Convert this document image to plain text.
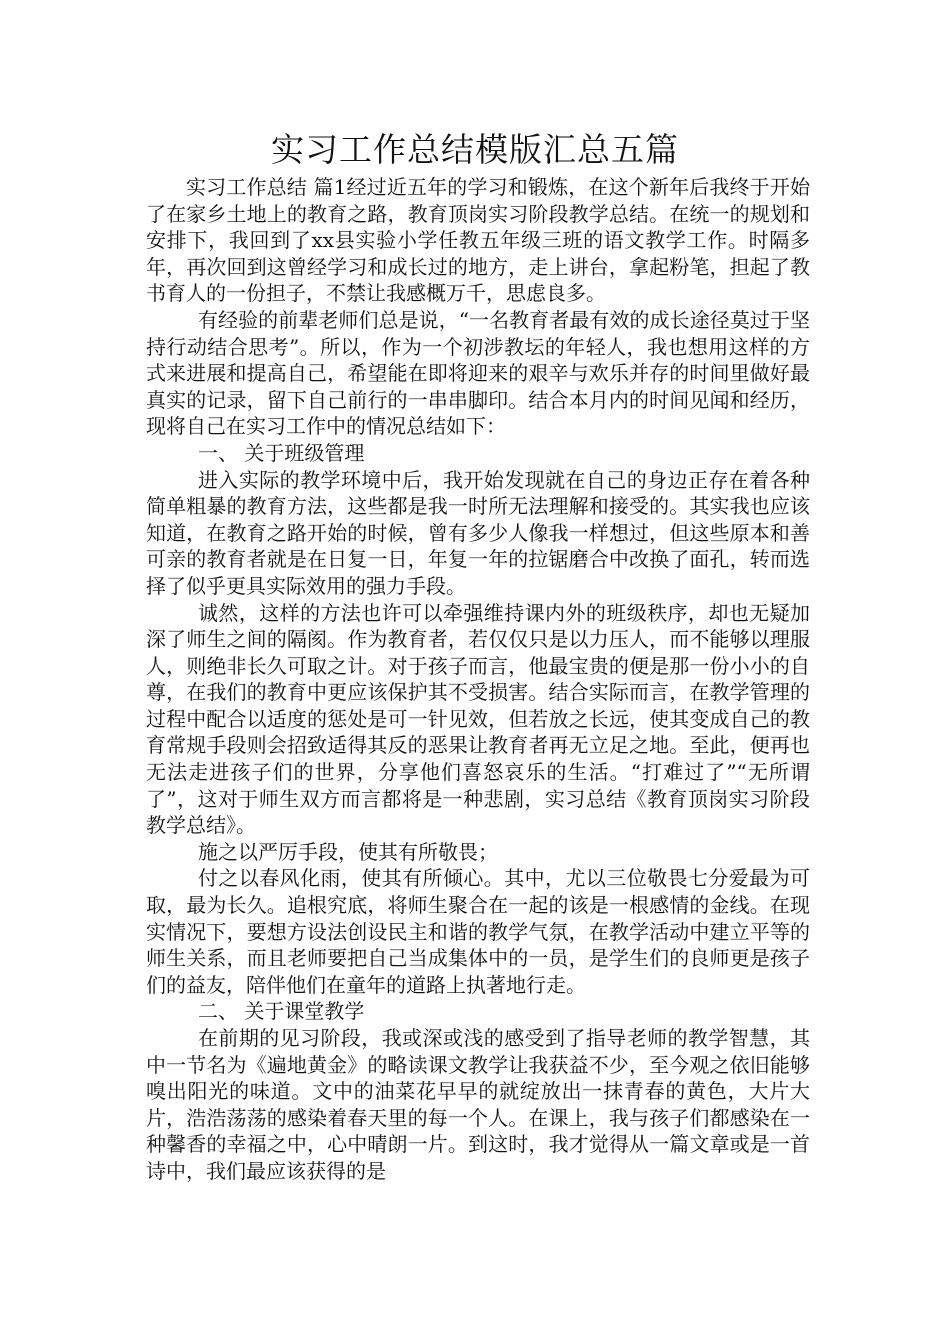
实习工作总结模版汇总五篇

实习工作总结 篇1经过近五年的学习和锻炼，在这个新年后我终于开始了在家乡土地上的教育之路，教育顶岗实习阶段教学总结。在统一的规划和安排下，我回到了xx县实验小学任教五年级三班的语文教学工作。时隔多年，再次回到这曾经学习和成长过的地方，走上讲台，拿起粉笔，担起了教书育人的一份担子，不禁让我感概万千，思虑良多。

有经验的前辈老师们总是说，“一名教育者最有效的成长途径莫过于坚持行动结合思考”。所以，作为一个初涉教坛的年轻人，我也想用这样的方式来进展和提高自己，希望能在即将迎来的艰辛与欢乐并存的时间里做好最真实的记录，留下自己前行的一串串脚印。结合本月内的时间见闻和经历，现将自己在实习工作中的情况总结如下：

一、 关于班级管理

进入实际的教学环境中后，我开始发现就在自己的身边正存在着各种简单粗暴的教育方法，这些都是我一时所无法理解和接受的。其实我也应该知道，在教育之路开始的时候，曾有多少人像我一样想过，但这些原本和善可亲的教育者就是在日复一日，年复一年的拉锯磨合中改换了面孔，转而选择了似乎更具实际效用的强力手段。

诚然，这样的方法也许可以牵强维持课内外的班级秩序，却也无疑加深了师生之间的隔阂。作为教育者，若仅仅只是以力压人，而不能够以理服人，则绝非长久可取之计。对于孩子而言，他最宝贵的便是那一份小小的自尊，在我们的教育中更应该保护其不受损害。结合实际而言，在教学管理的过程中配合以适度的惩处是可一针见效，但若放之长远，使其变成自己的教育常规手段则会招致适得其反的恶果让教育者再无立足之地。至此，便再也无法走进孩子们的世界，分享他们喜怒哀乐的生活。“打难过了”“无所谓了”，这对于师生双方而言都将是一种悲剧，实习总结《教育顶岗实习阶段教学总结》。

施之以严厉手段，使其有所敬畏；

付之以春风化雨，使其有所倾心。其中，尤以三位敬畏七分爱最为可取，最为长久。追根究底，将师生聚合在一起的该是一根感情的金线。在现实情况下，要想方设法创设民主和谐的教学气氛，在教学活动中建立平等的师生关系，而且老师要把自己当成集体中的一员，是学生们的良师更是孩子们的益友，陪伴他们在童年的道路上执著地行走。

二、 关于课堂教学

在前期的见习阶段，我或深或浅的感受到了指导老师的教学智慧，其中一节名为《遍地黄金》的略读课文教学让我获益不少，至今观之依旧能够嗅出阳光的味道。文中的油菜花早早的就绽放出一抹青春的黄色，大片大片，浩浩荡荡的感染着春天里的每一个人。在课上，我与孩子们都感染在一种馨香的幸福之中，心中晴朗一片。到这时，我才觉得从一篇文章或是一首诗中，我们最应该获得的是
